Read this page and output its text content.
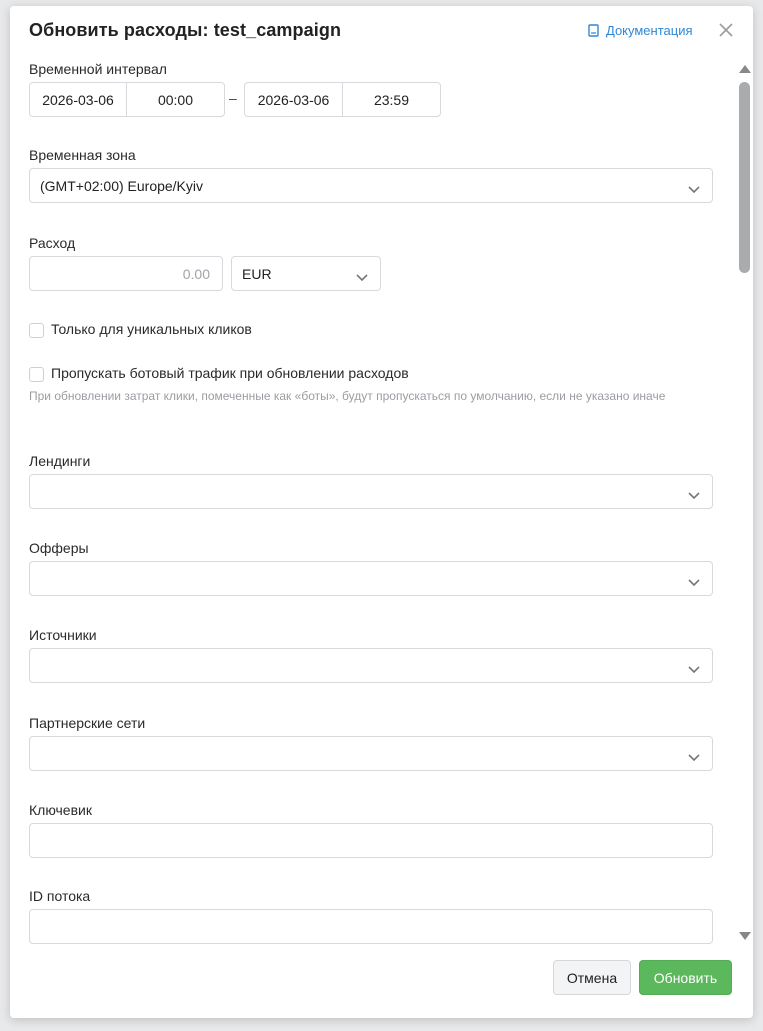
Обновить расходы: test_campaign	Документация
Временной интервал
2026-03-06	00:00	–	2026-03-06	23:59
Временная зона
(GMT+02:00) Europe/Kyiv
Расход
0.00	EUR
Только для уникальных кликов
Пропускать ботовый трафик при обновлении расходов
При обновлении затрат клики, помеченные как «боты», будут пропускаться по умолчанию, если не указано иначе
Лендинги
Офферы
Источники
Партнерские сети
Ключевик
ID потока
Отмена	Обновить
